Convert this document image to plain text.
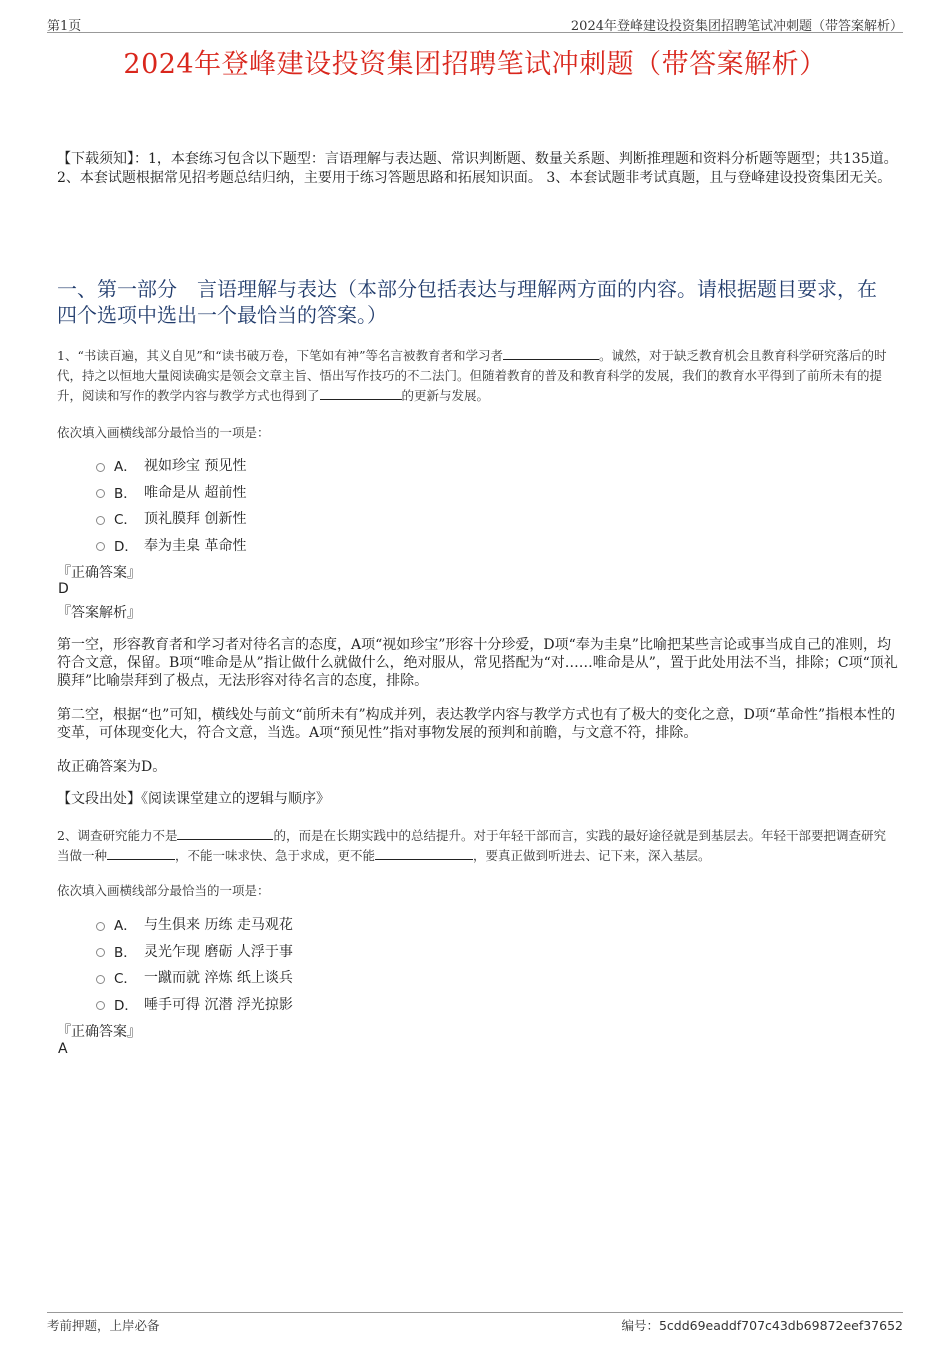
第1页	2024年登峰建设投资集团招聘笔试冲刺题（带答案解析）
2024年登峰建设投资集团招聘笔试冲刺题（带答案解析）
【下载须知】：1，本套练习包含以下题型：言语理解与表达题、常识判断题、数量关系题、判断推理题和资料分析题等题型；共135道。 2、本套试题根据常见招考题总结归纳，主要用于练习答题思路和拓展知识面。 3、本套试题非考试真题，且与登峰建设投资集团无关。
一、第一部分　言语理解与表达（本部分包括表达与理解两方面的内容。请根据题目要求，在四个选项中选出一个最恰当的答案。）
1、“书读百遍，其义自见”和“读书破万卷，下笔如有神”等名言被教育者和学习者	。诚然，对于缺乏教育机会且教育科学研究落后的时代，持之以恒地大量阅读确实是领会文章主旨、悟出写作技巧的不二法门。但随着教育的普及和教育科学的发展，我们的教育水平得到了前所未有的提升，阅读和写作的教学内容与教学方式也得到了	的更新与发展。
依次填入画横线部分最恰当的一项是：
A． 视如珍宝 预见性
B． 唯命是从 超前性
C． 顶礼膜拜 创新性
D． 奉为圭臬 革命性
『正确答案』
D
『答案解析』
第一空，形容教育者和学习者对待名言的态度，A项“视如珍宝”形容十分珍爱，D项“奉为圭臬”比喻把某些言论或事当成自己的准则，均符合文意，保留。B项“唯命是从”指让做什么就做什么，绝对服从，常见搭配为“对……唯命是从”，置于此处用法不当，排除；C项“顶礼膜拜”比喻崇拜到了极点，无法形容对待名言的态度，排除。
第二空，根据“也”可知，横线处与前文“前所未有”构成并列，表达教学内容与教学方式也有了极大的变化之意，D项“革命性”指根本性的变革，可体现变化大，符合文意，当选。A项“预见性”指对事物发展的预判和前瞻，与文意不符，排除。
故正确答案为D。
【文段出处】《阅读课堂建立的逻辑与顺序》
2、调查研究能力不是	的，而是在长期实践中的总结提升。对于年轻干部而言，实践的最好途径就是到基层去。年轻干部要把调查研究当做一种	，不能一味求快、急于求成，更不能	，要真正做到听进去、记下来，深入基层。
依次填入画横线部分最恰当的一项是：
A． 与生俱来 历练 走马观花
B． 灵光乍现 磨砺 人浮于事
C． 一蹴而就 淬炼 纸上谈兵
D． 唾手可得 沉潜 浮光掠影
『正确答案』
A
考前押题，上岸必备	编号：5cdd69eaddf707c43db69872eef37652
